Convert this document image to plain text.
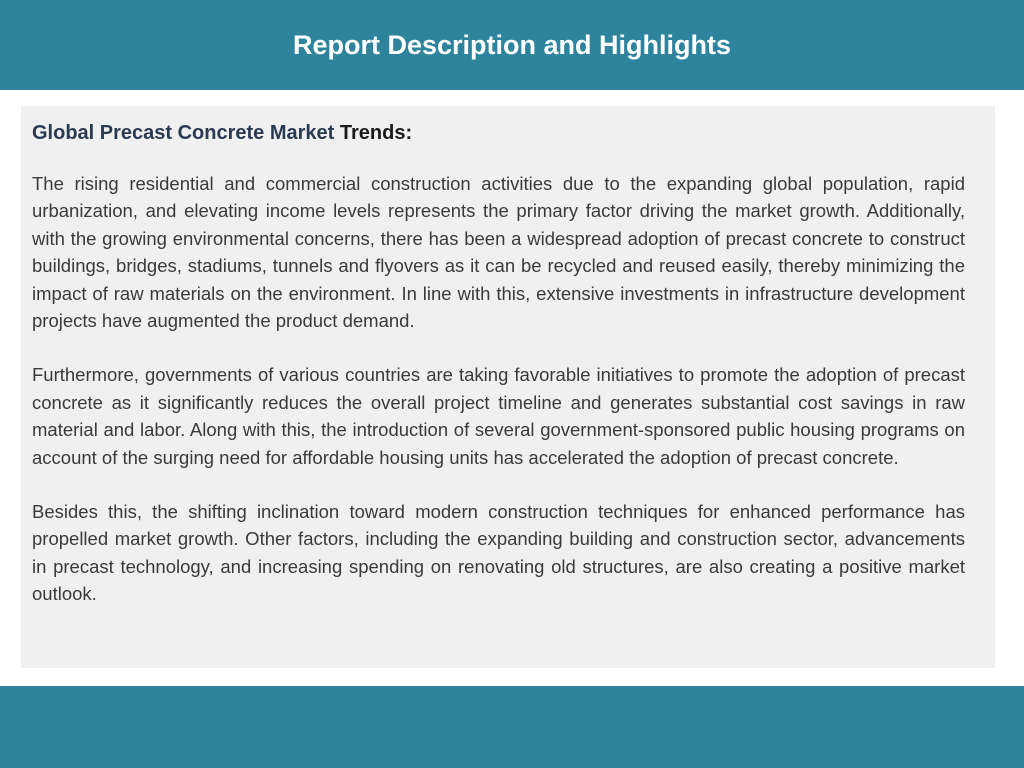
Report Description and Highlights
Global Precast Concrete Market Trends:

The rising residential and commercial construction activities due to the expanding global population, rapid urbanization, and elevating income levels represents the primary factor driving the market growth. Additionally, with the growing environmental concerns, there has been a widespread adoption of precast concrete to construct buildings, bridges, stadiums, tunnels and flyovers as it can be recycled and reused easily, thereby minimizing the impact of raw materials on the environment. In line with this, extensive investments in infrastructure development projects have augmented the product demand.

Furthermore, governments of various countries are taking favorable initiatives to promote the adoption of precast concrete as it significantly reduces the overall project timeline and generates substantial cost savings in raw material and labor. Along with this, the introduction of several government-sponsored public housing programs on account of the surging need for affordable housing units has accelerated the adoption of precast concrete.

Besides this, the shifting inclination toward modern construction techniques for enhanced performance has propelled market growth. Other factors, including the expanding building and construction sector, advancements in precast technology, and increasing spending on renovating old structures, are also creating a positive market outlook.
